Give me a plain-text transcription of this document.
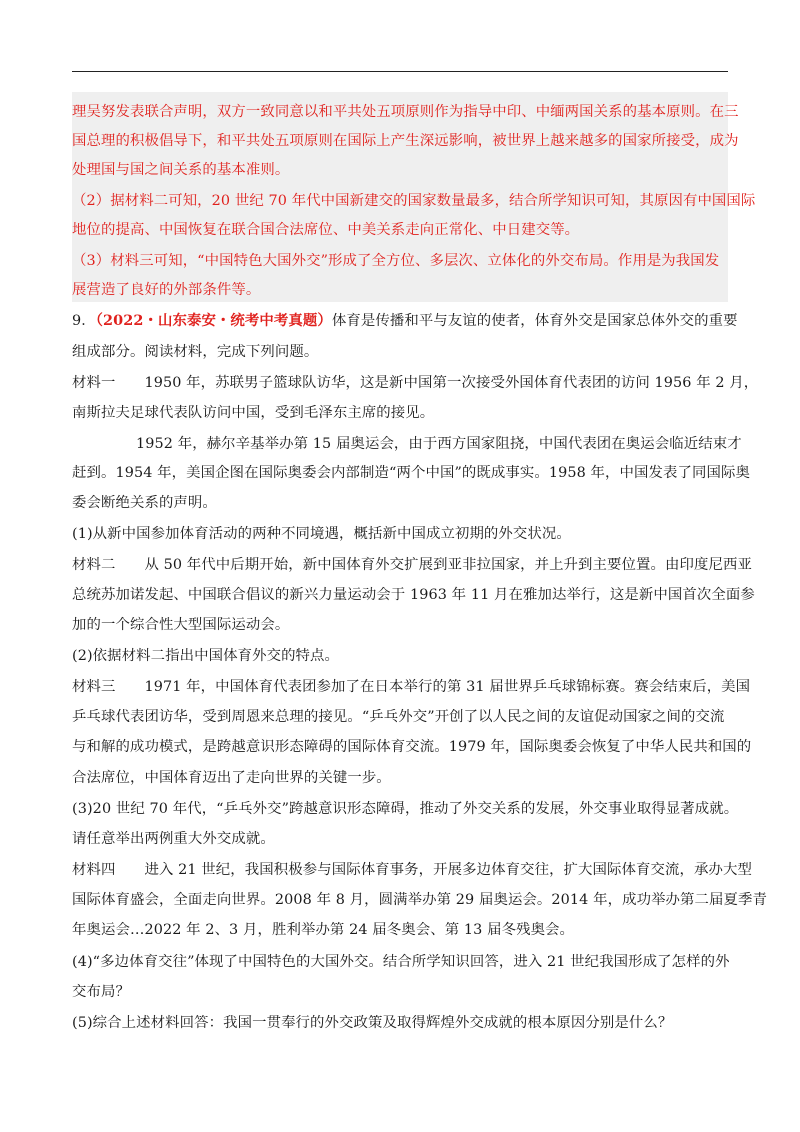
理吴努发表联合声明，双方一致同意以和平共处五项原则作为指导中印、中缅两国关系的基本原则。在三
国总理的积极倡导下，和平共处五项原则在国际上产生深远影响，被世界上越来越多的国家所接受，成为
处理国与国之间关系的基本准则。
（2）据材料二可知，20 世纪 70 年代中国新建交的国家数量最多，结合所学知识可知，其原因有中国国际
地位的提高、中国恢复在联合国合法席位、中美关系走向正常化、中日建交等。
（3）材料三可知，“中国特色大国外交”形成了全方位、多层次、立体化的外交布局。作用是为我国发
展营造了良好的外部条件等。
9．（2022・山东泰安・统考中考真题）体育是传播和平与友谊的使者，体育外交是国家总体外交的重要
组成部分。阅读材料，完成下列问题。
材料一　　1950 年，苏联男子篮球队访华，这是新中国第一次接受外国体育代表团的访问 1956 年 2 月，
南斯拉夫足球代表队访问中国，受到毛泽东主席的接见。
1952 年，赫尔辛基举办第 15 届奥运会，由于西方国家阻挠，中国代表团在奥运会临近结束才
赶到。1954 年，美国企图在国际奥委会内部制造“两个中国”的既成事实。1958 年，中国发表了同国际奥
委会断绝关系的声明。
(1)从新中国参加体育活动的两种不同境遇，概括新中国成立初期的外交状况。
材料二　　从 50 年代中后期开始，新中国体育外交扩展到亚非拉国家，并上升到主要位置。由印度尼西亚
总统苏加诺发起、中国联合倡议的新兴力量运动会于 1963 年 11 月在雅加达举行，这是新中国首次全面参
加的一个综合性大型国际运动会。
(2)依据材料二指出中国体育外交的特点。
材料三　　1971 年，中国体育代表团参加了在日本举行的第 31 届世界乒乓球锦标赛。赛会结束后，美国
乒乓球代表团访华，受到周恩来总理的接见。“乒乓外交”开创了以人民之间的友谊促动国家之间的交流
与和解的成功模式，是跨越意识形态障碍的国际体育交流。1979 年，国际奥委会恢复了中华人民共和国的
合法席位，中国体育迈出了走向世界的关键一步。
(3)20 世纪 70 年代，“乒乓外交”跨越意识形态障碍，推动了外交关系的发展，外交事业取得显著成就。
请任意举出两例重大外交成就。
材料四　　进入 21 世纪，我国积极参与国际体育事务，开展多边体育交往，扩大国际体育交流，承办大型
国际体育盛会，全面走向世界。2008 年 8 月，圆满举办第 29 届奥运会。2014 年，成功举办第二届夏季青
年奥运会…2022 年 2、3 月，胜利举办第 24 届冬奥会、第 13 届冬残奥会。
(4)“多边体育交往”体现了中国特色的大国外交。结合所学知识回答，进入 21 世纪我国形成了怎样的外
交布局？
(5)综合上述材料回答：我国一贯奉行的外交政策及取得辉煌外交成就的根本原因分别是什么？
